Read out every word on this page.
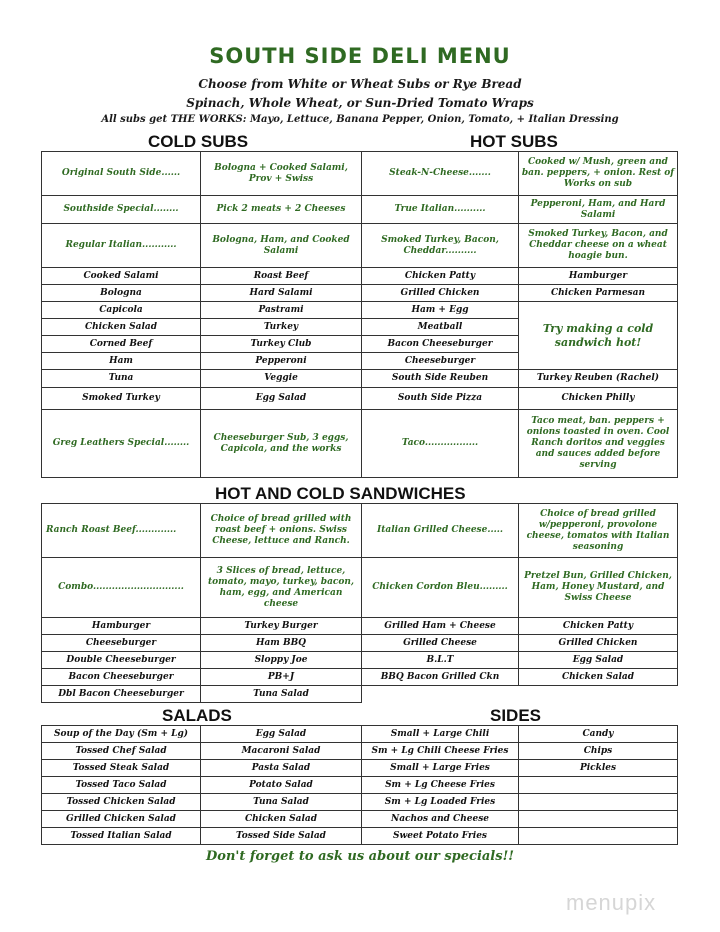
SOUTH SIDE DELI MENU
Choose from White or Wheat Subs or Rye Bread
Spinach, Whole Wheat, or Sun-Dried Tomato Wraps
All subs get THE WORKS: Mayo, Lettuce, Banana Pepper, Onion, Tomato, + Italian Dressing
COLD SUBS	HOT SUBS
Original South Side......	Bologna + Cooked Salami, Prov + Swiss	Steak-N-Cheese.......	Cooked w/ Mush, green and ban. peppers, + onion. Rest of Works on sub
Southside Special........	Pick 2 meats + 2 Cheeses	True Italian..........	Pepperoni, Ham, and Hard Salami
Regular Italian...........	Bologna, Ham, and Cooked Salami	Smoked Turkey, Bacon, Cheddar..........	Smoked Turkey, Bacon, and Cheddar cheese on a wheat hoagie bun.
Cooked Salami	Roast Beef	Chicken Patty	Hamburger
Bologna	Hard Salami	Grilled Chicken	Chicken Parmesan
Capicola	Pastrami	Ham + Egg	Try making a cold sandwich hot!
Chicken Salad	Turkey	Meatball	
Corned Beef	Turkey Club	Bacon Cheeseburger	
Ham	Pepperoni	Cheeseburger	
Tuna	Veggie	South Side Reuben	Turkey Reuben (Rachel)
Smoked Turkey	Egg Salad	South Side Pizza	Chicken Philly
Greg Leathers Special........	Cheeseburger Sub, 3 eggs, Capicola, and the works	Taco.................	Taco meat, ban. peppers + onions toasted in oven. Cool Ranch doritos and veggies and sauces added before serving
HOT AND COLD SANDWICHES
Ranch Roast Beef.............	Choice of bread grilled with roast beef + onions. Swiss Cheese, lettuce and Ranch.	Italian Grilled Cheese.....	Choice of bread grilled w/pepperoni, provolone cheese, tomatos with Italian seasoning
Combo.............................	3 Slices of bread, lettuce, tomato, mayo, turkey, bacon, ham, egg, and American cheese	Chicken Cordon Bleu.........	Pretzel Bun, Grilled Chicken, Ham, Honey Mustard, and Swiss Cheese
Hamburger	Turkey Burger	Grilled Ham + Cheese	Chicken Patty
Cheeseburger	Ham BBQ	Grilled Cheese	Grilled Chicken
Double Cheeseburger	Sloppy Joe	B.L.T	Egg Salad
Bacon Cheeseburger	PB+J	BBQ Bacon Grilled Ckn	Chicken Salad
Dbl Bacon Cheeseburger	Tuna Salad		
SALADS	SIDES
Soup of the Day (Sm + Lg)	Egg Salad	Small + Large Chili	Candy
Tossed Chef Salad	Macaroni Salad	Sm + Lg Chili Cheese Fries	Chips
Tossed Steak Salad	Pasta Salad	Small + Large Fries	Pickles
Tossed Taco Salad	Potato Salad	Sm + Lg Cheese Fries	
Tossed Chicken Salad	Tuna Salad	Sm + Lg Loaded Fries	
Grilled Chicken Salad	Chicken Salad	Nachos and Cheese	
Tossed Italian Salad	Tossed Side Salad	Sweet Potato Fries	
Don't forget to ask us about our specials!!
menupix
